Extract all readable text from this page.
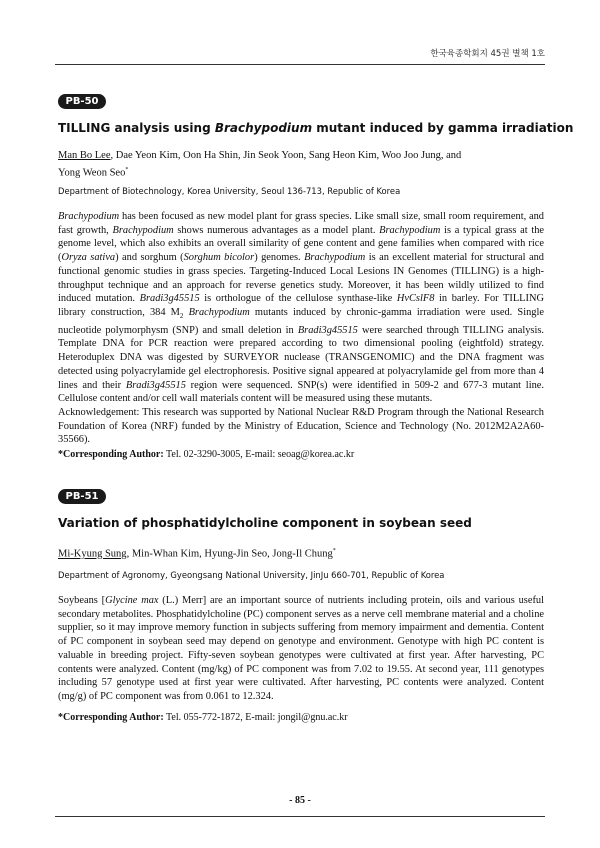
한국육종학회지 45권 별책 1호
PB-50
TILLING analysis using Brachypodium mutant induced by gamma irradiation
Man Bo Lee, Dae Yeon Kim, Oon Ha Shin, Jin Seok Yoon, Sang Heon Kim, Woo Joo Jung, and
Yong Weon Seo*
Department of Biotechnology, Korea University, Seoul 136-713, Republic of Korea

Brachypodium has been focused as new model plant for grass species. Like small size, small room requirement, and fast growth, Brachypodium shows numerous advantages as a model plant. Brachypodium is a typical grass at the genome level, which also exhibits an overall similarity of gene content and gene families when compared with rice (Oryza sativa) and sorghum (Sorghum bicolor) genomes. Brachypodium is an excellent material for structural and functional genomic studies in grass species. Targeting-Induced Local Lesions IN Genomes (TILLING) is a high-throughput technique and an approach for reverse genetics study. Moreover, it has been wildly utilized to find induced mutation. Bradi3g45515 is orthologue of the cellulose synthase-like HvCslF8 in barley. For TILLING library construction, 384 $M_2$ Brachypodium mutants induced by chronic-gamma irradiation were used. Single nucleotide polymorphysm (SNP) and small deletion in Bradi3g45515 were searched through TILLING analysis. Template DNA for PCR reaction were prepared according to two dimensional pooling (eightfold) strategy. Heteroduplex DNA was digested by SURVEYOR nuclease (TRANSGENOMIC) and the DNA fragment was detected using polyacrylamide gel electrophoresis. Positive signal appeared at polyacrylamide gel from more than 4 lines and their Bradi3g45515 region were sequenced. SNP(s) were identified in 509-2 and 677-3 mutant line. Cellulose content and/or cell wall materials content will be measured using these mutants.

Acknowledgement: This research was supported by National Nuclear R&D Program through the National Research Foundation of Korea (NRF) funded by the Ministry of Education, Science and Technology (No. 2012M2A2A60-35566).

*Corresponding Author: Tel. 02-3290-3005, E-mail: seoag@korea.ac.kr
PB-51
Variation of phosphatidylcholine component in soybean seed
Mi-Kyung Sung, Min-Whan Kim, Hyung-Jin Seo, Jong-Il Chung*
Department of Agronomy, Gyeongsang National University, JinJu 660-701, Republic of Korea

Soybeans [Glycine max (L.) Merr] are an important source of nutrients including protein, oils and various useful secondary metabolites. Phosphatidylcholine (PC) component serves as a nerve cell membrane material and a choline supplier, so it may improve memory function in subjects suffering from memory impairment and dementia. Content of PC component in soybean seed may depend on genotype and environment. Genotype with high PC content is valuable in breeding project. Fifty-seven soybean genotypes were cultivated at first year. After harvesting, PC contents were analyzed. Content (mg/kg) of PC component was from 7.02 to 19.55. At second year, 111 genotypes including 57 genotype used at first year were cultivated. After harvesting, PC contents were analyzed. Content (mg/g) of PC component was from 0.061 to 12.324.

*Corresponding Author: Tel. 055-772-1872, E-mail: jongil@gnu.ac.kr
- 85 -
